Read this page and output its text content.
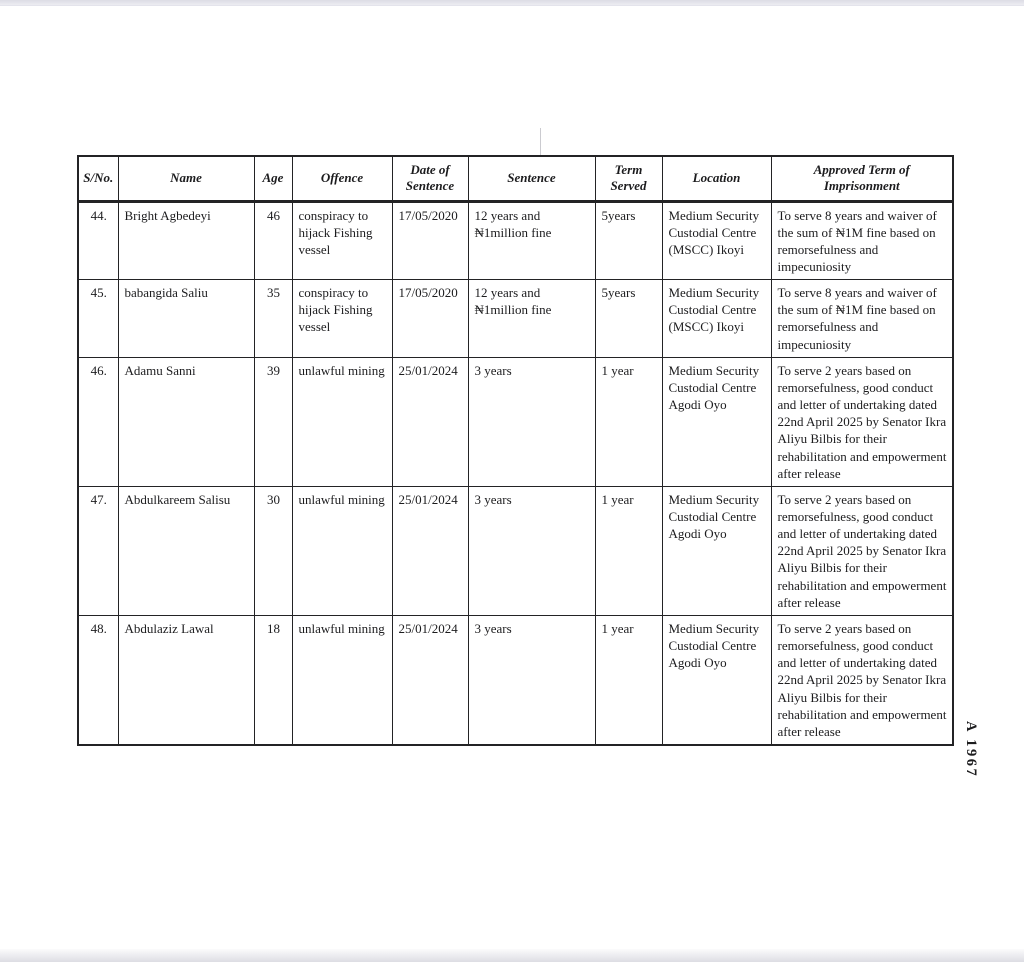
S/No.	Name	Age	Offence	Date of Sentence	Sentence	Term Served	Location	Approved Term of Imprisonment
44.	Bright Agbedeyi	46	conspiracy to hijack Fishing vessel	17/05/2020	12 years and ₦1million fine	5years	Medium Security Custodial Centre (MSCC) Ikoyi	To serve 8 years and waiver of the sum of ₦1M fine based on remorsefulness and impecuniosity
45.	babangida Saliu	35	conspiracy to hijack Fishing vessel	17/05/2020	12 years and ₦1million fine	5years	Medium Security Custodial Centre (MSCC) Ikoyi	To serve 8 years and waiver of the sum of ₦1M fine based on remorsefulness and impecuniosity
46.	Adamu Sanni	39	unlawful mining	25/01/2024	3 years	1 year	Medium Security Custodial Centre Agodi Oyo	To serve 2 years based on remorsefulness, good conduct and letter of undertaking dated 22nd April 2025 by Senator Ikra Aliyu Bilbis for their rehabilitation and empowerment after release
47.	Abdulkareem Salisu	30	unlawful mining	25/01/2024	3 years	1 year	Medium Security Custodial Centre Agodi Oyo	To serve 2 years based on remorsefulness, good conduct and letter of undertaking dated 22nd April 2025 by Senator Ikra Aliyu Bilbis for their rehabilitation and empowerment after release
48.	Abdulaziz Lawal	18	unlawful mining	25/01/2024	3 years	1 year	Medium Security Custodial Centre Agodi Oyo	To serve 2 years based on remorsefulness, good conduct and letter of undertaking dated 22nd April 2025 by Senator Ikra Aliyu Bilbis for their rehabilitation and empowerment after release	A 1967
